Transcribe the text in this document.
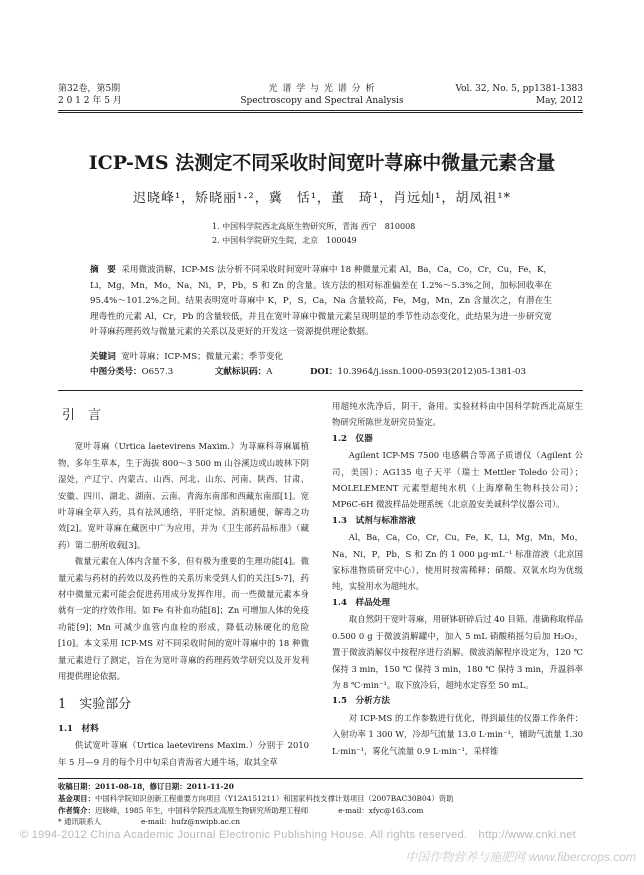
第32卷，第5期
2 0 1 2 年 5 月
光 谱 学 与 光 谱 分 析
Spectroscopy and Spectral Analysis
Vol. 32, No. 5, pp1381-1383
May, 2012
ICP-MS 法测定不同采收时间宽叶荨麻中微量元素含量
迟晓峰¹，矫晓丽¹·²，冀　恬¹，董　琦¹，肖远灿¹，胡凤祖¹*
1. 中国科学院西北高原生物研究所，青海 西宁　810008
2. 中国科学院研究生院，北京　100049
摘　要 采用微波消解，ICP-MS 法分析不同采收时间宽叶荨麻中 18 种微量元素 Al，Ba，Ca，Co，Cr，Cu，Fe，K，Li，Mg，Mn，Mo，Na，Ni，P，Pb，S 和 Zn 的含量。该方法的相对标准偏差在 1.2%～5.3%之间，加标回收率在 95.4%～101.2%之间。结果表明宽叶荨麻中 K，P，S，Ca，Na 含量较高，Fe，Mg，Mn，Zn 含量次之，有潜在生理毒性的元素 Al，Cr，Pb 的含量较低，并且在宽叶荨麻中微量元素呈现明显的季节性动态变化，此结果为进一步研究宽叶荨麻药理药效与微量元素的关系以及更好的开发这一资源提供理论数据。
关键词 宽叶荨麻；ICP-MS；微量元素；季节变化
中图分类号：O657.3	文献标识码：A	DOI：10.3964/j.issn.1000-0593(2012)05-1381-03
引　言

宽叶荨麻（Urtica laetevirens Maxim.）为荨麻科荨麻属植物，多年生草本，生于海拔 800～3 500 m 山谷溪边或山坡林下阴湿处，产辽宁、内蒙古、山西、河北、山东、河南、陕西、甘肃、安徽、四川、湖北、湖南、云南、青海东南部和西藏东南部[1]。宽叶荨麻全草入药，具有祛风通络，平肝定惊，消积通便，解毒之功效[2]。宽叶荨麻在藏医中广为应用，并为《卫生部药品标准》（藏药）第二册所收载[3]。

微量元素在人体内含量不多，但有极为重要的生理功能[4]。微量元素与药材的药效以及药性的关系历来受到人们的关注[5-7]，药材中微量元素可能会促进药用成分发挥作用，而一些微量元素本身就有一定的疗效作用。如 Fe 有补血功能[8]；Zn 可增加人体的免疫功能[9]；Mn 可减少血管内血栓的形成，降低动脉硬化的危险[10]。本文采用 ICP-MS 对不同采收时间的宽叶荨麻中的 18 种微量元素进行了测定，旨在为宽叶荨麻的药理药效学研究以及开发利用提供理论依据。

1　实验部分
1.1　材料

供试宽叶荨麻（Urtica laetevirens Maxim.）分别于 2010 年 5 月—9 月的每个月中旬采自青海省大通牛场，取其全草

用超纯水洗净后，阴干，备用。实验材料由中国科学院西北高原生物研究所陈世龙研究员鉴定。

1.2　仪器

Agilent ICP-MS 7500 电感耦合等离子质谱仪（Agilent 公司，美国）；AG135 电子天平（瑞士 Mettler Toledo 公司）；MOLELEMENT 元素型超纯水机（上海摩勒生物科技公司）；MP6C-6H 微波样品处理系统（北京盈安美诚科学仪器公司）。

1.3　试剂与标准溶液

Al，Ba，Ca，Co，Cr，Cu，Fe，K，Li，Mg，Mn，Mo，Na，Ni，P，Pb，S 和 Zn 的 1 000 μg·mL⁻¹ 标准溶液（北京国家标准物质研究中心），使用时按需稀释；硝酸、双氧水均为优级纯，实验用水为超纯水。

1.4　样品处理

取自然阴干宽叶荨麻，用研钵研碎后过 40 目筛。准确称取样品 0.500 0 g 于微波消解罐中，加入 5 mL 硝酸稍摇匀后加 H₂O₂，置于微波消解仪中按程序进行消解。微波消解程序设定为，120 ℃ 保持 3 min，150 ℃ 保持 3 min，180 ℃ 保持 3 min，升温斜率为 8 ℃·min⁻¹。取下放冷后，超纯水定容至 50 mL。

1.5　分析方法

对 ICP-MS 的工作参数进行优化，得到最佳的仪器工作条件：入射功率 1 300 W，冷却气流量 13.0 L·min⁻¹，辅助气流量 1.30 L·min⁻¹，雾化气流量 0.9 L·min⁻¹，采样锥

收稿日期：2011-08-18，修订日期：2011-11-20
基金项目：中国科学院知识创新工程重要方向项目（Y12A151211）和国家科技支撑计划项目（2007BAC30B04）资助
作者简介：迟晓峰，1985 年生，中国科学院西北高原生物研究所助理工程师	e-mail：xfyc@163.com
* 通讯联系人	e-mail：hufz@nwipb.ac.cn
© 1994-2012 China Academic Journal Electronic Publishing House. All rights reserved.　http://www.cnki.net
中国作物营养与施肥网 www.fibercrops.com
